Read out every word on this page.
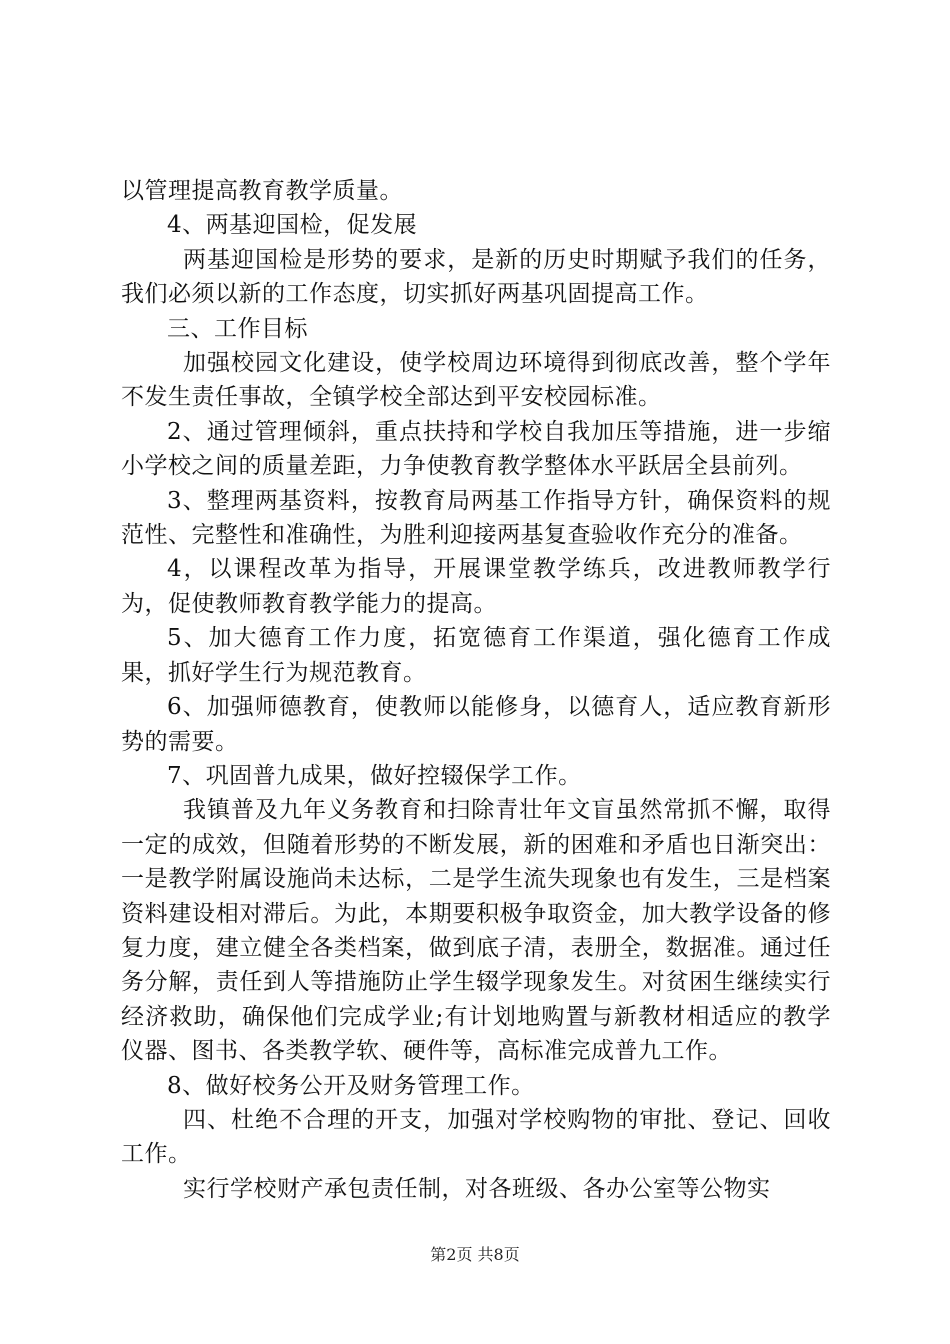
以管理提高教育教学质量。

4、两基迎国检，促发展

两基迎国检是形势的要求，是新的历史时期赋予我们的任务，我们必须以新的工作态度，切实抓好两基巩固提高工作。

三、工作目标

加强校园文化建设，使学校周边环境得到彻底改善，整个学年不发生责任事故，全镇学校全部达到平安校园标准。

2、通过管理倾斜，重点扶持和学校自我加压等措施，进一步缩小学校之间的质量差距，力争使教育教学整体水平跃居全县前列。

3、整理两基资料，按教育局两基工作指导方针，确保资料的规范性、完整性和准确性，为胜利迎接两基复查验收作充分的准备。

4，以课程改革为指导，开展课堂教学练兵，改进教师教学行为，促使教师教育教学能力的提高。

5、加大德育工作力度，拓宽德育工作渠道，强化德育工作成果，抓好学生行为规范教育。

6、加强师德教育，使教师以能修身，以德育人，适应教育新形势的需要。

7、巩固普九成果，做好控辍保学工作。

我镇普及九年义务教育和扫除青壮年文盲虽然常抓不懈，取得一定的成效，但随着形势的不断发展，新的困难和矛盾也日渐突出：一是教学附属设施尚未达标，二是学生流失现象也有发生，三是档案资料建设相对滞后。为此，本期要积极争取资金，加大教学设备的修复力度，建立健全各类档案，做到底子清，表册全，数据准。通过任务分解，责任到人等措施防止学生辍学现象发生。对贫困生继续实行经济救助，确保他们完成学业;有计划地购置与新教材相适应的教学仪器、图书、各类教学软、硬件等，高标准完成普九工作。

8、做好校务公开及财务管理工作。

四、杜绝不合理的开支，加强对学校购物的审批、登记、回收工作。

实行学校财产承包责任制，对各班级、各办公室等公物实

第2页 共8页
